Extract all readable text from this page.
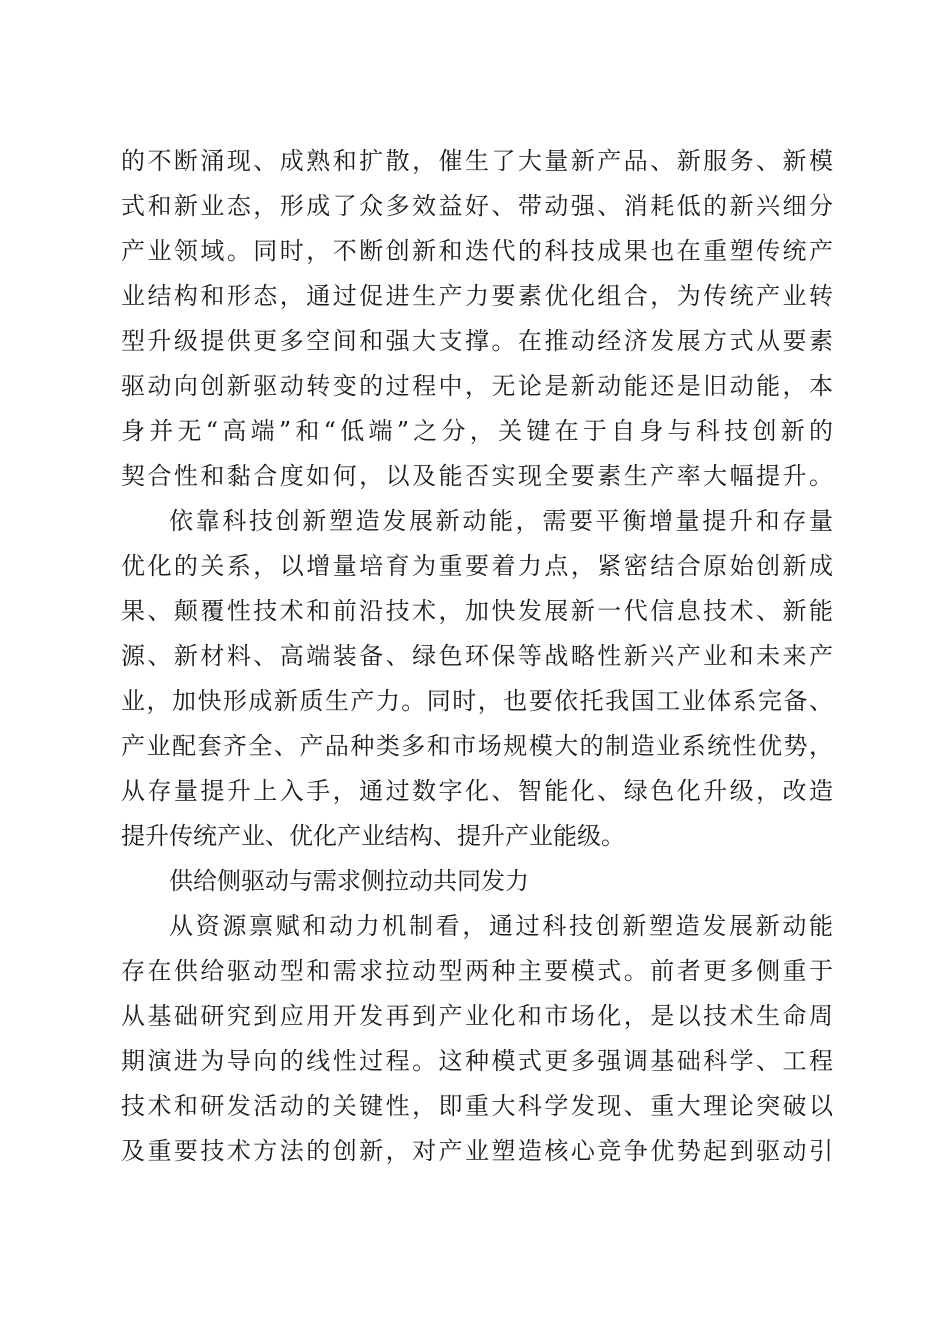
的不断涌现、成熟和扩散，催生了大量新产品、新服务、新模
式和新业态，形成了众多效益好、带动强、消耗低的新兴细分
产业领域。同时，不断创新和迭代的科技成果也在重塑传统产
业结构和形态，通过促进生产力要素优化组合，为传统产业转
型升级提供更多空间和强大支撑。在推动经济发展方式从要素
驱动向创新驱动转变的过程中，无论是新动能还是旧动能，本
身并无“高端”和“低端”之分，关键在于自身与科技创新的
契合性和黏合度如何，以及能否实现全要素生产率大幅提升。
依靠科技创新塑造发展新动能，需要平衡增量提升和存量
优化的关系，以增量培育为重要着力点，紧密结合原始创新成
果、颠覆性技术和前沿技术，加快发展新一代信息技术、新能
源、新材料、高端装备、绿色环保等战略性新兴产业和未来产
业，加快形成新质生产力。同时，也要依托我国工业体系完备、
产业配套齐全、产品种类多和市场规模大的制造业系统性优势，
从存量提升上入手，通过数字化、智能化、绿色化升级，改造
提升传统产业、优化产业结构、提升产业能级。
供给侧驱动与需求侧拉动共同发力
从资源禀赋和动力机制看，通过科技创新塑造发展新动能
存在供给驱动型和需求拉动型两种主要模式。前者更多侧重于
从基础研究到应用开发再到产业化和市场化，是以技术生命周
期演进为导向的线性过程。这种模式更多强调基础科学、工程
技术和研发活动的关键性，即重大科学发现、重大理论突破以
及重要技术方法的创新，对产业塑造核心竞争优势起到驱动引
